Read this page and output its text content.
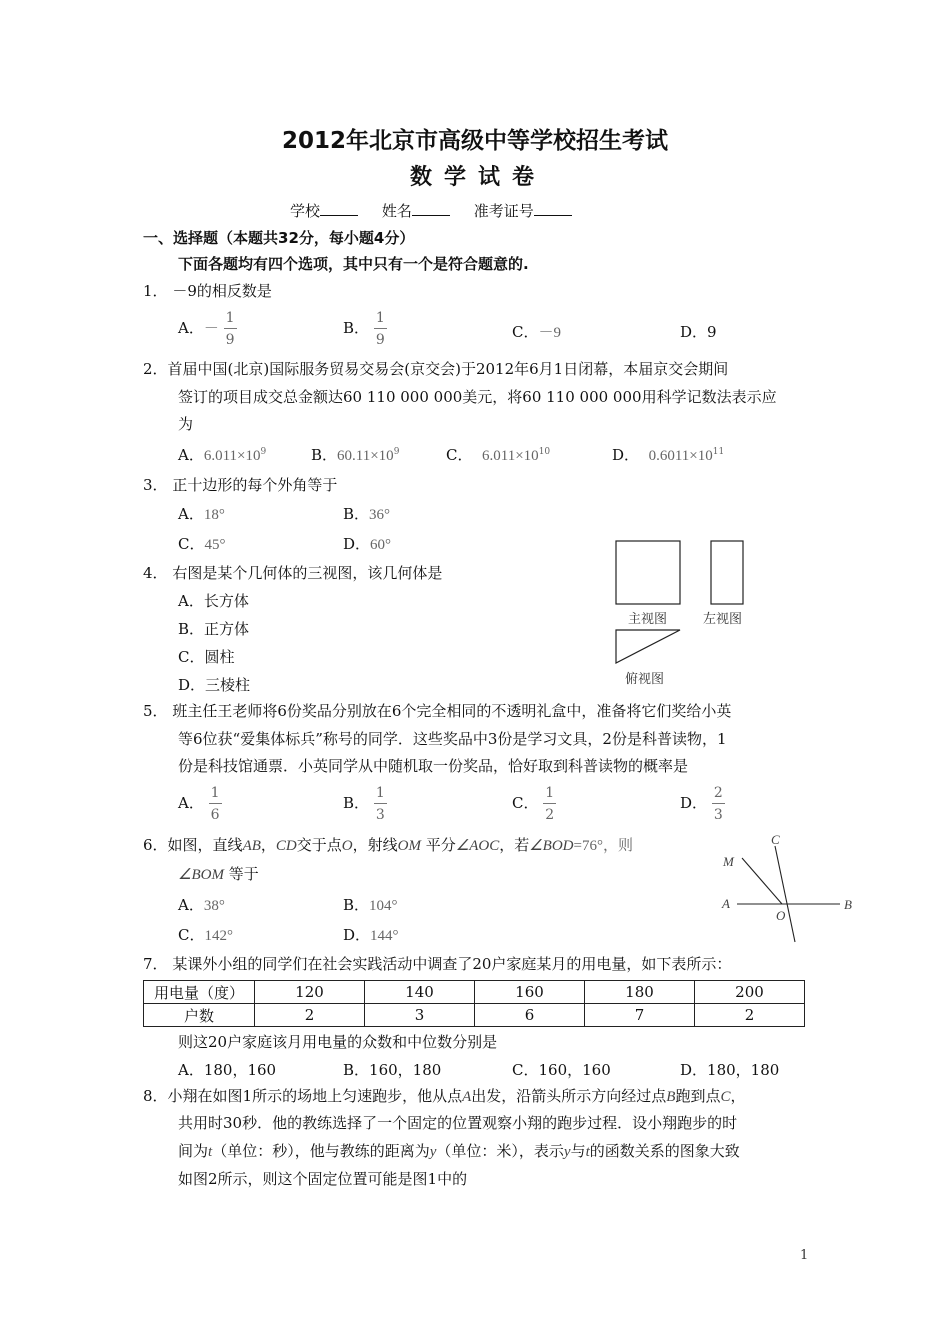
2012年北京市高级中等学校招生考试
数学试卷
学校	姓名	准考证号
一、选择题（本题共32分，每小题4分）
下面各题均有四个选项，其中只有一个是符合题意的.
1． －9的相反数是
A．－ $\frac{1}{9}$	B． $\frac{1}{9}$	C．－9	D．9
2．首届中国(北京)国际服务贸易交易会(京交会)于2012年6月1日闭幕，本届京交会期间
签订的项目成交总金额达60 110 000 000美元，将60 110 000 000用科学记数法表示应
为
A．$6.011\times 10^9$	B．$60.11\times 10^9$	C． $6.011\times 10^{10}$	D． $0.6011\times 10^{11}$
3． 正十边形的每个外角等于
A．18°	B．36°
C．45°	D．60°
4． 右图是某个几何体的三视图，该几何体是
A．长方体
B．正方体
C．圆柱
D．三棱柱
主视图	左视图
俯视图
5． 班主任王老师将6份奖品分别放在6个完全相同的不透明礼盒中，准备将它们奖给小英
等6位获“爱集体标兵”称号的同学．这些奖品中3份是学习文具，2份是科普读物，1
份是科技馆通票．小英同学从中随机取一份奖品，恰好取到科普读物的概率是
A． $\frac{1}{6}$	B． $\frac{1}{3}$	C． $\frac{1}{2}$	D． $\frac{2}{3}$
6．如图，直线AB，CD交于点O，射线OM 平分∠AOC，若∠BOD=76°，则
∠BOM 等于
A．38°	B．104°
C．142°	D．144°
C
M
A
O
B
7． 某课外小组的同学们在社会实践活动中调查了20户家庭某月的用电量，如下表所示：
用电量（度）	120	140	160	180	200
户数	2	3	6	7	2
则这20户家庭该月用电量的众数和中位数分别是
A．180，160	B．160，180	C．160，160	D．180，180
8．小翔在如图1所示的场地上匀速跑步，他从点A出发，沿箭头所示方向经过点B跑到点C，
共用时30秒．他的教练选择了一个固定的位置观察小翔的跑步过程．设小翔跑步的时
间为t（单位：秒），他与教练的距离为y（单位：米），表示y与t的函数关系的图象大致
如图2所示，则这个固定位置可能是图1中的
1
